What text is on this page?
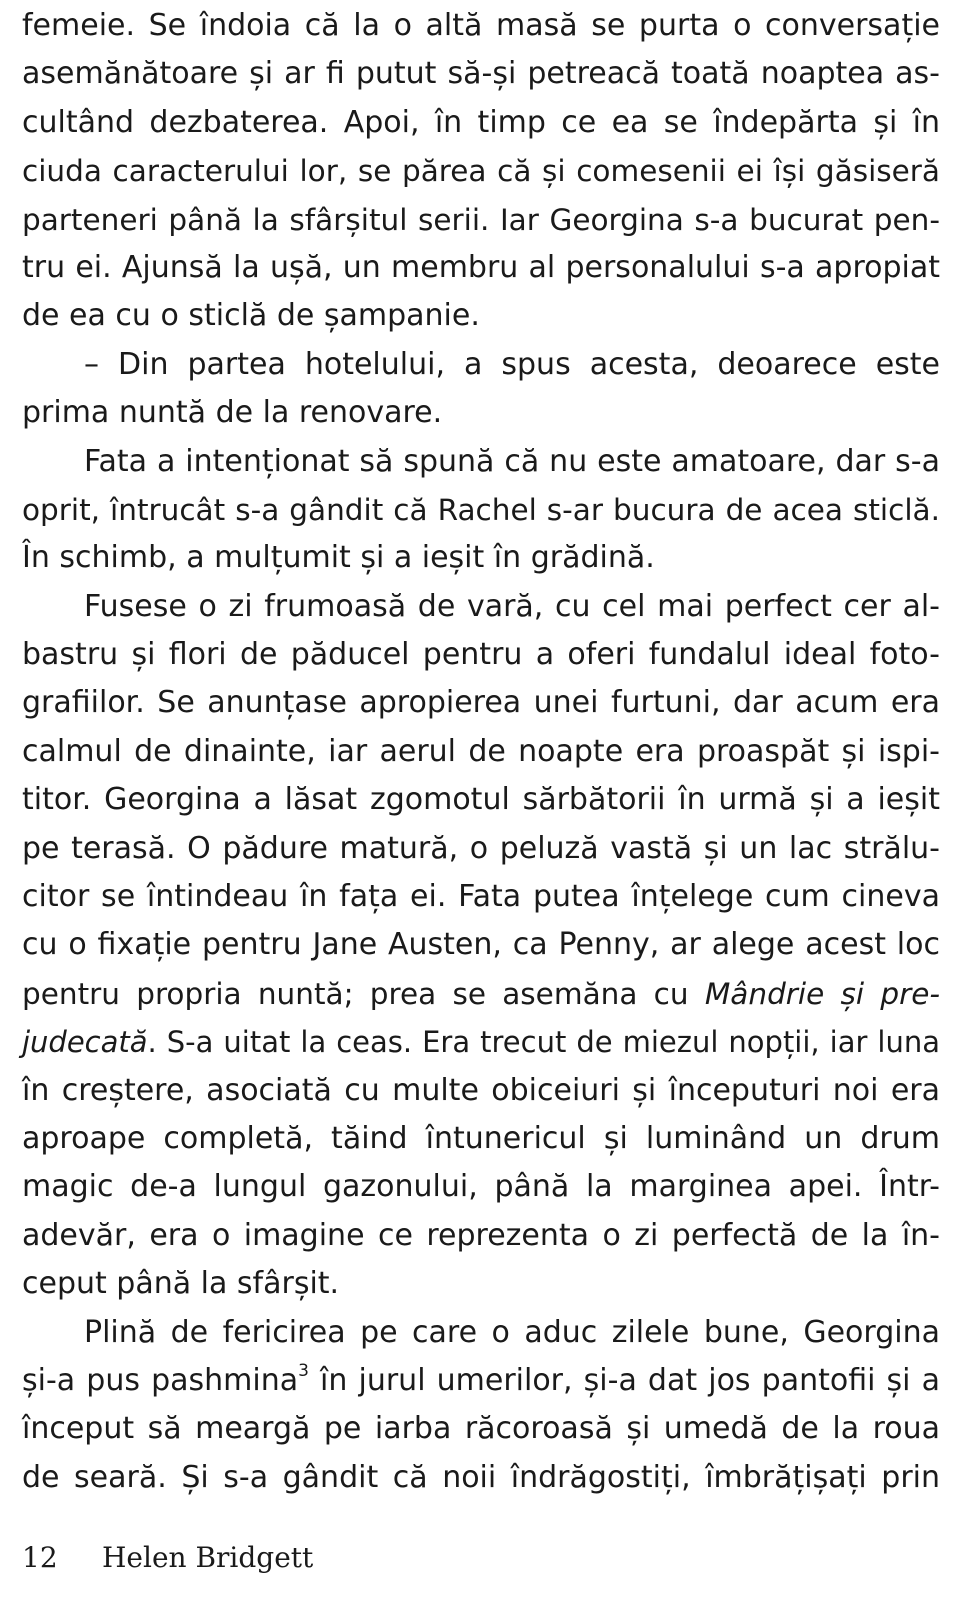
femeie. Se îndoia că la o altă masă se purta o conversație
asemănătoare și ar fi putut să-și petreacă toată noaptea as-
cultând dezbaterea. Apoi, în timp ce ea se îndepărta și în
ciuda caracterului lor, se părea că și comesenii ei își găsiseră
parteneri până la sfârșitul serii. Iar Georgina s-a bucurat pen-
tru ei. Ajunsă la ușă, un membru al personalului s-a apropiat
de ea cu o sticlă de șampanie.
– Din partea hotelului, a spus acesta, deoarece este
prima nuntă de la renovare.
Fata a intenționat să spună că nu este amatoare, dar s-a
oprit, întrucât s-a gândit că Rachel s-ar bucura de acea sticlă.
În schimb, a mulțumit și a ieșit în grădină.
Fusese o zi frumoasă de vară, cu cel mai perfect cer al-
bastru și flori de păducel pentru a oferi fundalul ideal foto-
grafiilor. Se anunțase apropierea unei furtuni, dar acum era
calmul de dinainte, iar aerul de noapte era proaspăt și ispi-
titor. Georgina a lăsat zgomotul sărbătorii în urmă și a ieșit
pe terasă. O pădure matură, o peluză vastă și un lac strălu-
citor se întindeau în fața ei. Fata putea înțelege cum cineva
cu o fixație pentru Jane Austen, ca Penny, ar alege acest loc
pentru propria nuntă; prea se asemăna cu Mândrie și pre-
judecată. S-a uitat la ceas. Era trecut de miezul nopții, iar luna
în creștere, asociată cu multe obiceiuri și începuturi noi era
aproape completă, tăind întunericul și luminând un drum
magic de-a lungul gazonului, până la marginea apei. Într-
adevăr, era o imagine ce reprezenta o zi perfectă de la în-
ceput până la sfârșit.
Plină de fericirea pe care o aduc zilele bune, Georgina
și-a pus pashmina$^3$ în jurul umerilor, și-a dat jos pantofii și a
început să meargă pe iarba răcoroasă și umedă de la roua
de seară. Și s-a gândit că noii îndrăgostiți, îmbrățișați prin
12 Helen Bridgett
